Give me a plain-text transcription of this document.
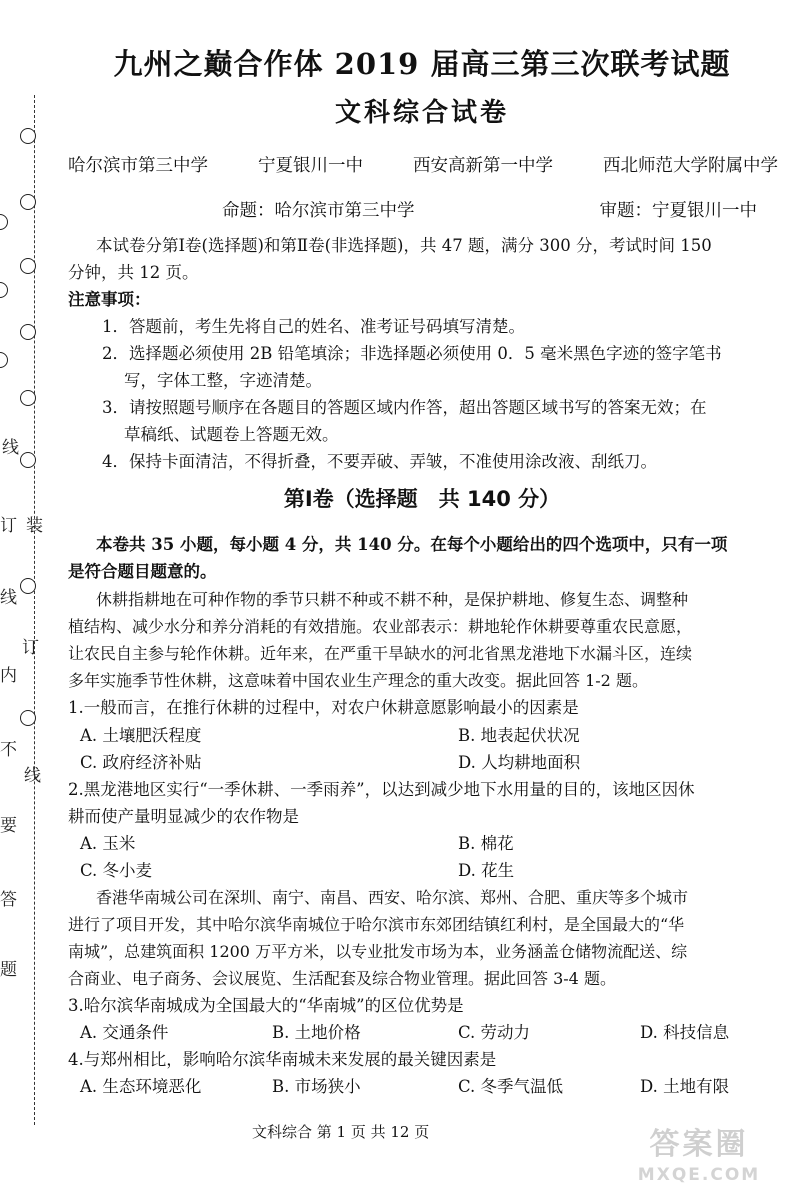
线
订 装
线
订
内
不
线
要
答
题
九州之巅合作体 2019 届高三第三次联考试题
文科综合试卷
哈尔滨市第三中学	宁夏银川一中	西安高新第一中学	西北师范大学附属中学
命题：哈尔滨市第三中学	审题：宁夏银川一中
本试卷分第Ⅰ卷(选择题)和第Ⅱ卷(非选择题)，共 47 题，满分 300 分，考试时间 150
分钟，共 12 页。
注意事项：
1．答题前，考生先将自己的姓名、准考证号码填写清楚。
2．选择题必须使用 2B 铅笔填涂；非选择题必须使用 0．5 毫米黑色字迹的签字笔书
写，字体工整，字迹清楚。
3．请按照题号顺序在各题目的答题区域内作答，超出答题区域书写的答案无效；在
草稿纸、试题卷上答题无效。
4．保持卡面清洁，不得折叠，不要弄破、弄皱，不准使用涂改液、刮纸刀。
第Ⅰ卷（选择题　共 140 分）
本卷共 35 小题，每小题 4 分，共 140 分。在每个小题给出的四个选项中，只有一项
是符合题目题意的。
休耕指耕地在可种作物的季节只耕不种或不耕不种，是保护耕地、修复生态、调整种
植结构、减少水分和养分消耗的有效措施。农业部表示：耕地轮作休耕要尊重农民意愿，
让农民自主参与轮作休耕。近年来，在严重干旱缺水的河北省黑龙港地下水漏斗区，连续
多年实施季节性休耕，这意味着中国农业生产理念的重大改变。据此回答 1-2 题。
1.一般而言，在推行休耕的过程中，对农户休耕意愿影响最小的因素是
A. 土壤肥沃程度	B. 地表起伏状况
C. 政府经济补贴	D. 人均耕地面积
2.黑龙港地区实行“一季休耕、一季雨养”，以达到减少地下水用量的目的，该地区因休
耕而使产量明显减少的农作物是
A. 玉米	B. 棉花
C. 冬小麦	D. 花生
香港华南城公司在深圳、南宁、南昌、西安、哈尔滨、郑州、合肥、重庆等多个城市
进行了项目开发，其中哈尔滨华南城位于哈尔滨市东郊团结镇红利村，是全国最大的“华
南城”，总建筑面积 1200 万平方米，以专业批发市场为本，业务涵盖仓储物流配送、综
合商业、电子商务、会议展览、生活配套及综合物业管理。据此回答 3-4 题。
3.哈尔滨华南城成为全国最大的“华南城”的区位优势是
A. 交通条件	B. 土地价格	C. 劳动力	D. 科技信息
4.与郑州相比，影响哈尔滨华南城未来发展的最关键因素是
A. 生态环境恶化	B. 市场狭小	C. 冬季气温低	D. 土地有限
文科综合 第 1 页 共 12 页	答案圈
MXQE.COM
